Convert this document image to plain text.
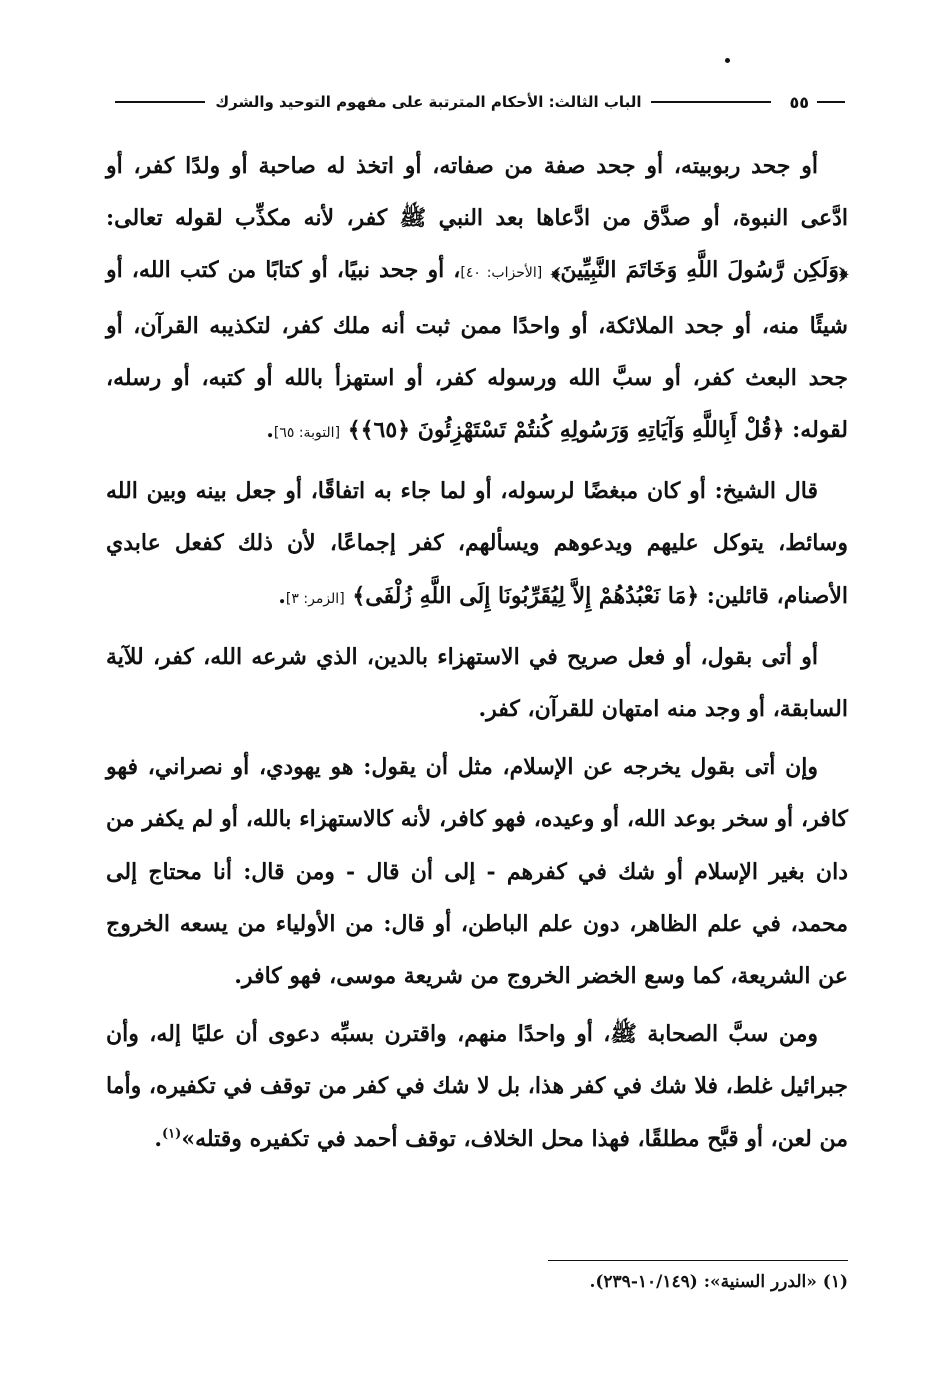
٥٥
الباب الثالث: الأحكام المترتبة على مفهوم التوحيد والشرك

أو جحد ربوبيته، أو جحد صفة من صفاته، أو اتخذ له صاحبة أو ولدًا كفر، أو ادَّعى النبوة، أو صدَّق من ادَّعاها بعد النبي ﷺ كفر، لأنه مكذِّب لقوله تعالى: ﴿وَلَكِن رَّسُولَ اللَّهِ وَخَاتَمَ النَّبِيِّينَ﴾ [الأحزاب: ٤٠]، أو جحد نبيًا، أو كتابًا من كتب الله، أو شيئًا منه، أو جحد الملائكة، أو واحدًا ممن ثبت أنه ملك كفر، لتكذيبه القرآن، أو جحد البعث كفر، أو سبَّ الله ورسوله كفر، أو استهزأ بالله أو كتبه، أو رسله، لقوله: ﴿قُلْ أَبِاللَّهِ وَآيَاتِهِ وَرَسُولِهِ كُنتُمْ تَسْتَهْزِئُونَ ﴿٦٥﴾﴾ [التوبة: ٦٥].

قال الشيخ: أو كان مبغضًا لرسوله، أو لما جاء به اتفاقًا، أو جعل بينه وبين الله وسائط، يتوكل عليهم ويدعوهم ويسألهم، كفر إجماعًا، لأن ذلك كفعل عابدي الأصنام، قائلين: ﴿مَا نَعْبُدُهُمْ إِلاَّ لِيُقَرِّبُونَا إِلَى اللَّهِ زُلْفَى﴾ [الزمر: ٣].

أو أتى بقول، أو فعل صريح في الاستهزاء بالدين، الذي شرعه الله، كفر، للآية السابقة، أو وجد منه امتهان للقرآن، كفر.

وإن أتى بقول يخرجه عن الإسلام، مثل أن يقول: هو يهودي، أو نصراني، فهو كافر، أو سخر بوعد الله، أو وعيده، فهو كافر، لأنه كالاستهزاء بالله، أو لم يكفر من دان بغير الإسلام أو شك في كفرهم - إلى أن قال - ومن قال: أنا محتاج إلى محمد، في علم الظاهر، دون علم الباطن، أو قال: من الأولياء من يسعه الخروج عن الشريعة، كما وسع الخضر الخروج من شريعة موسى، فهو كافر.

ومن سبَّ الصحابة ﷺ، أو واحدًا منهم، واقترن بسبِّه دعوى أن عليًا إله، وأن جبرائيل غلط، فلا شك في كفر هذا، بل لا شك في كفر من توقف في تكفيره، وأما من لعن، أو قبَّح مطلقًا، فهذا محل الخلاف، توقف أحمد في تكفيره وقتله»$^{(١)}$.

(١) «الدرر السنية»: (١٠/١٤٩-٢٣٩).
